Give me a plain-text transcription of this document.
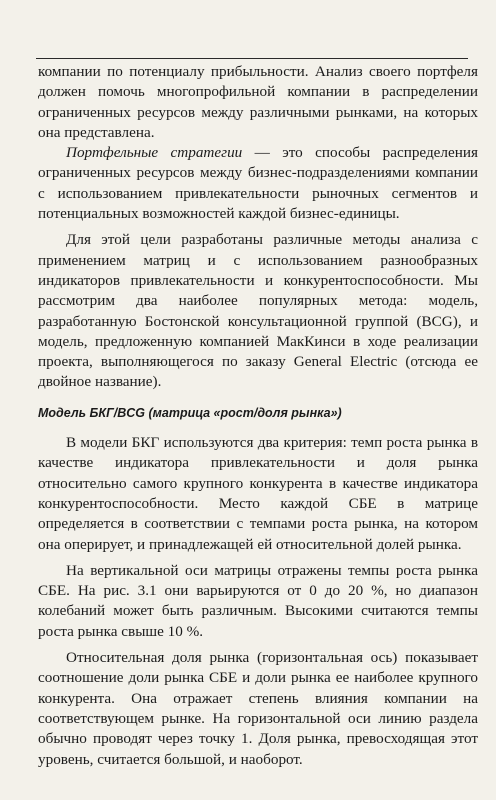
компании по потенциалу прибыльности. Анализ своего портфеля должен помочь многопрофильной компании в распределении ограниченных ресурсов между различными рынками, на которых она представлена.

Портфельные стратегии — это способы распределения ограниченных ресурсов между бизнес-подразделениями компании с использованием привлекательности рыночных сегментов и потенциальных возможностей каждой бизнес-единицы.

Для этой цели разработаны различные методы анализа с применением матриц и с использованием разнообразных индикаторов привлекательности и конкурентоспособности. Мы рассмотрим два наиболее популярных метода: модель, разработанную Бостонской консультационной группой (BCG), и модель, предложенную компанией МакКинси в ходе реализации проекта, выполняющегося по заказу General Electric (отсюда ее двойное название).

Модель БКГ/BCG (матрица «рост/доля рынка»)

В модели БКГ используются два критерия: темп роста рынка в качестве индикатора привлекательности и доля рынка относительно самого крупного конкурента в качестве индикатора конкурентоспособности. Место каждой СБЕ в матрице определяется в соответствии с темпами роста рынка, на котором она оперирует, и принадлежащей ей относительной долей рынка.

На вертикальной оси матрицы отражены темпы роста рынка СБЕ. На рис. 3.1 они варьируются от 0 до 20 %, но диапазон колебаний может быть различным. Высокими считаются темпы роста рынка свыше 10 %.

Относительная доля рынка (горизонтальная ось) показывает соотношение доли рынка СБЕ и доли рынка ее наиболее крупного конкурента. Она отражает степень влияния компании на соответствующем рынке. На горизонтальной оси линию раздела обычно проводят через точку 1. Доля рынка, превосходящая этот уровень, считается большой, и наоборот.
